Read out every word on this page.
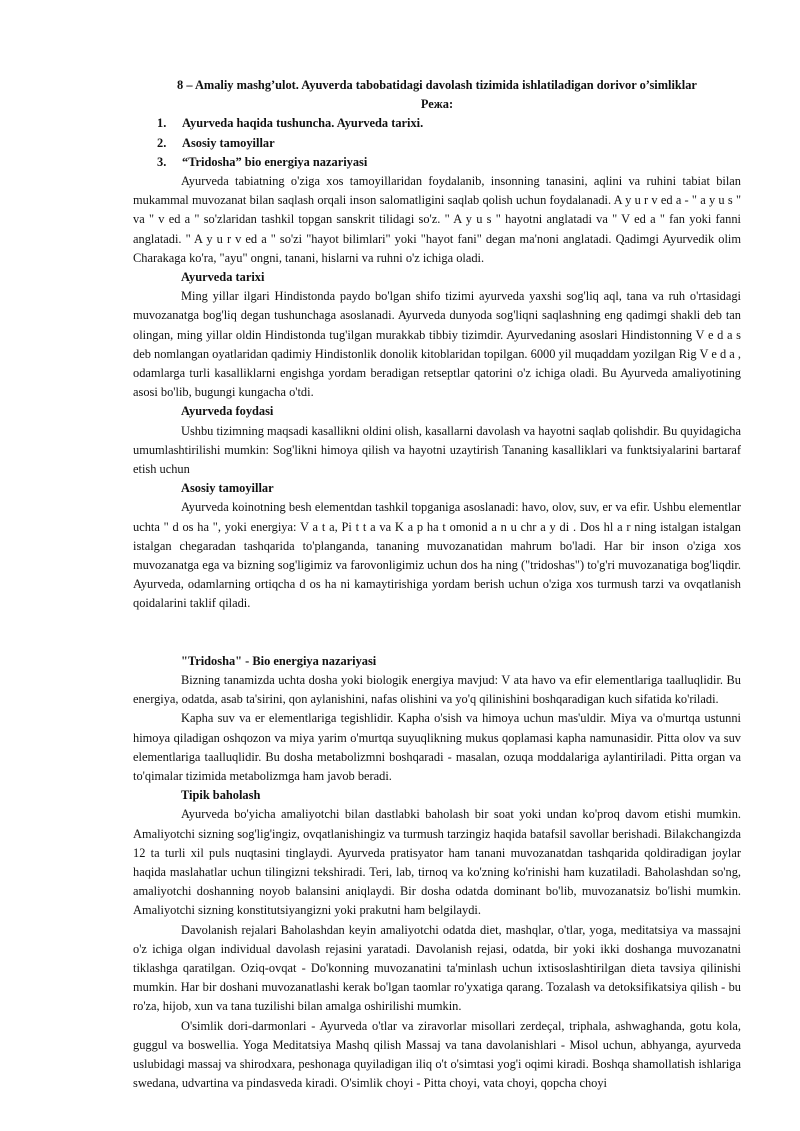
8 – Amaliy mashg’ulot. Ayuverda tabobatidagi davolash tizimida ishlatiladigan dorivor o’simliklar
Режа:
1. Ayurveda haqida tushuncha. Ayurveda tarixi.
2. Asosiy tamoyillar
3. “Tridosha” bio energiya nazariyasi

Ayurveda tabiatning o'ziga xos tamoyillaridan foydalanib, insonning tanasini, aqlini va ruhini tabiat bilan mukammal muvozanat bilan saqlash orqali inson salomatligini saqlab qolish uchun foydalanadi. A y u r v ed a - " a y u s " va " v ed a " so'zlaridan tashkil topgan sanskrit tilidagi so'z. " A y u s " hayotni anglatadi va " V ed a " fan yoki fanni anglatadi. " A y u r v ed a " so'zi "hayot bilimlari" yoki "hayot fani" degan ma'noni anglatadi. Qadimgi Ayurvedik olim Charakaga ko'ra, "ayu" ongni, tanani, hislarni va ruhni o'z ichiga oladi.

Ayurveda tarixi

Ming yillar ilgari Hindistonda paydo bo'lgan shifo tizimi ayurveda yaxshi sog'liq aql, tana va ruh o'rtasidagi muvozanatga bog'liq degan tushunchaga asoslanadi. Ayurveda dunyoda sog'liqni saqlashning eng qadimgi shakli deb tan olingan, ming yillar oldin Hindistonda tug'ilgan murakkab tibbiy tizimdir. Ayurvedaning asoslari Hindistonning V e d a s deb nomlangan oyatlaridan qadimiy Hindistonlik donolik kitoblaridan topilgan. 6000 yil muqaddam yozilgan Rig V e d a , odamlarga turli kasalliklarni engishga yordam beradigan retseptlar qatorini o'z ichiga oladi. Bu Ayurveda amaliyotining asosi bo'lib, bugungi kungacha o'tdi.

Ayurveda foydasi

Ushbu tizimning maqsadi kasallikni oldini olish, kasallarni davolash va hayotni saqlab qolishdir. Bu quyidagicha umumlashtirilishi mumkin: Sog'likni himoya qilish va hayotni uzaytirish Tananing kasalliklari va funktsiyalarini bartaraf etish uchun

Asosiy tamoyillar

Ayurveda koinotning besh elementdan tashkil topganiga asoslanadi: havo, olov, suv, er va efir. Ushbu elementlar uchta " d os ha ", yoki energiya: V a t a, Pi t t a va K a p ha t omonid a n u chr a y di . Dos hl a r ning istalgan istalgan istalgan chegaradan tashqarida to'planganda, tananing muvozanatidan mahrum bo'ladi. Har bir inson o'ziga xos muvozanatga ega va bizning sog'ligimiz va farovonligimiz uchun dos ha ning ("tridoshas") to'g'ri muvozanatiga bog'liqdir. Ayurveda, odamlarning ortiqcha d os ha ni kamaytirishiga yordam berish uchun o'ziga xos turmush tarzi va ovqatlanish qoidalarini taklif qiladi.

"Tridosha" - Bio energiya nazariyasi

Bizning tanamizda uchta dosha yoki biologik energiya mavjud: V ata havo va efir elementlariga taalluqlidir. Bu energiya, odatda, asab ta'sirini, qon aylanishini, nafas olishini va yo'q qilinishini boshqaradigan kuch sifatida ko'riladi.

Kapha suv va er elementlariga tegishlidir. Kapha o'sish va himoya uchun mas'uldir. Miya va o'murtqa ustunni himoya qiladigan oshqozon va miya yarim o'murtqa suyuqlikning mukus qoplamasi kapha namunasidir. Pitta olov va suv elementlariga taalluqlidir. Bu dosha metabolizmni boshqaradi - masalan, ozuqa moddalariga aylantiriladi. Pitta organ va to'qimalar tizimida metabolizmga ham javob beradi.

Tipik baholash

Ayurveda bo'yicha amaliyotchi bilan dastlabki baholash bir soat yoki undan ko'proq davom etishi mumkin. Amaliyotchi sizning sog'lig'ingiz, ovqatlanishingiz va turmush tarzingiz haqida batafsil savollar berishadi. Bilakchangizda 12 ta turli xil puls nuqtasini tinglaydi. Ayurveda pratisyator ham tanani muvozanatdan tashqarida qoldiradigan joylar haqida maslahatlar uchun tilingizni tekshiradi. Teri, lab, tirnoq va ko'zning ko'rinishi ham kuzatiladi. Baholashdan so'ng, amaliyotchi doshanning noyob balansini aniqlaydi. Bir dosha odatda dominant bo'lib, muvozanatsiz bo'lishi mumkin. Amaliyotchi sizning konstitutsiyangizni yoki prakutni ham belgilaydi.

Davolanish rejalari Baholashdan keyin amaliyotchi odatda diet, mashqlar, o'tlar, yoga, meditatsiya va massajni o'z ichiga olgan individual davolash rejasini yaratadi. Davolanish rejasi, odatda, bir yoki ikki doshanga muvozanatni tiklashga qaratilgan. Oziq-ovqat - Do'konning muvozanatini ta'minlash uchun ixtisoslashtirilgan dieta tavsiya qilinishi mumkin. Har bir doshani muvozanatlashi kerak bo'lgan taomlar ro'yxatiga qarang. Tozalash va detoksifikatsiya qilish - bu ro'za, hijob, xun va tana tuzilishi bilan amalga oshirilishi mumkin.

O'simlik dori-darmonlari - Ayurveda o'tlar va ziravorlar misollari zerdeçal, triphala, ashwaghanda, gotu kola, guggul va boswellia. Yoga Meditatsiya Mashq qilish Massaj va tana davolanishlari - Misol uchun, abhyanga, ayurveda uslubidagi massaj va shirodxara, peshonaga quyiladigan iliq o't o'simtasi yog'i oqimi kiradi. Boshqa shamollatish ishlariga swedana, udvartina va pindasveda kiradi. O'simlik choyi - Pitta choyi, vata choyi, qopcha choyi
